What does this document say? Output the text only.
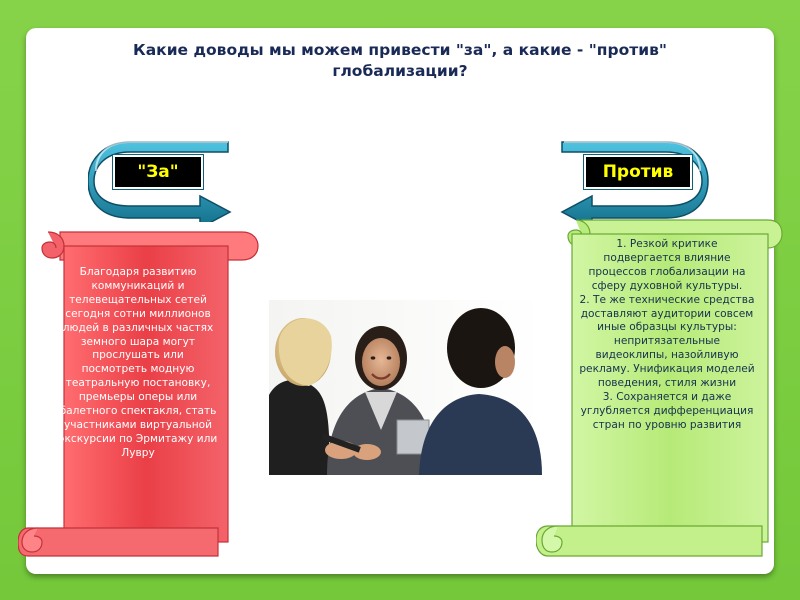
Какие доводы мы можем привести "за", а какие - "против"
глобализации?
"За"	Против
Благодаря развитию коммуникаций и телевещательных сетей сегодня сотни миллионов людей в различных частях земного шара могут прослушать или посмотреть модную театральную постановку, премьеры оперы или балетного спектакля, стать участниками виртуальной экскурсии по Эрмитажу или Лувру
1. Резкой критике подвергается влияние процессов глобализации на сферу духовной культуры.
2. Те же технические средства доставляют аудитории совсем иные образцы культуры: непритязательные видеоклипы, назойливую рекламу. Унификация моделей поведения, стиля жизни
3. Сохраняется и даже углубляется дифференциация стран по уровню развития
